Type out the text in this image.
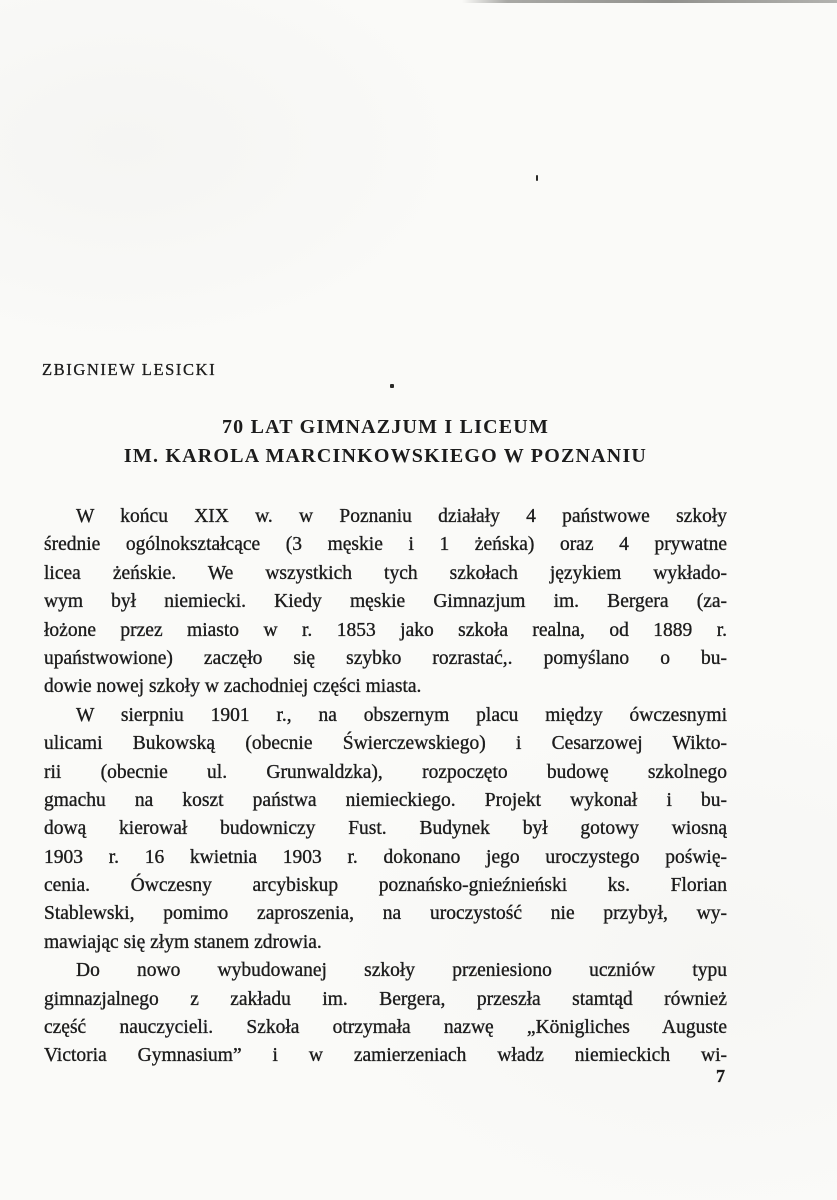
ZBIGNIEW LESICKI
70 LAT GIMNAZJUM I LICEUM
IM. KAROLA MARCINKOWSKIEGO W POZNANIU
W końcu XIX w. w Poznaniu działały 4 państwowe szkoły
średnie ogólnokształcące (3 męskie i 1 żeńska) oraz 4 prywatne
licea żeńskie. We wszystkich tych szkołach językiem wykłado-
wym był niemiecki. Kiedy męskie Gimnazjum im. Bergera (za-
łożone przez miasto w r. 1853 jako szkoła realna, od 1889 r.
upaństwowione) zaczęło się szybko rozrastać,. pomyślano o bu-
dowie nowej szkoły w zachodniej części miasta.
W sierpniu 1901 r., na obszernym placu między ówczesnymi
ulicami Bukowską (obecnie Świerczewskiego) i Cesarzowej Wikto-
rii (obecnie ul. Grunwaldzka), rozpoczęto budowę szkolnego
gmachu na koszt państwa niemieckiego. Projekt wykonał i bu-
dową kierował budowniczy Fust. Budynek był gotowy wiosną
1903 r. 16 kwietnia 1903 r. dokonano jego uroczystego poświę-
cenia. Ówczesny arcybiskup poznańsko-gnieźnieński ks. Florian
Stablewski, pomimo zaproszenia, na uroczystość nie przybył, wy-
mawiając się złym stanem zdrowia.
Do nowo wybudowanej szkoły przeniesiono uczniów typu
gimnazjalnego z zakładu im. Bergera, przeszła stamtąd również
część nauczycieli. Szkoła otrzymała nazwę „Königliches Auguste
Victoria Gymnasium” i w zamierzeniach władz niemieckich wi-
7
